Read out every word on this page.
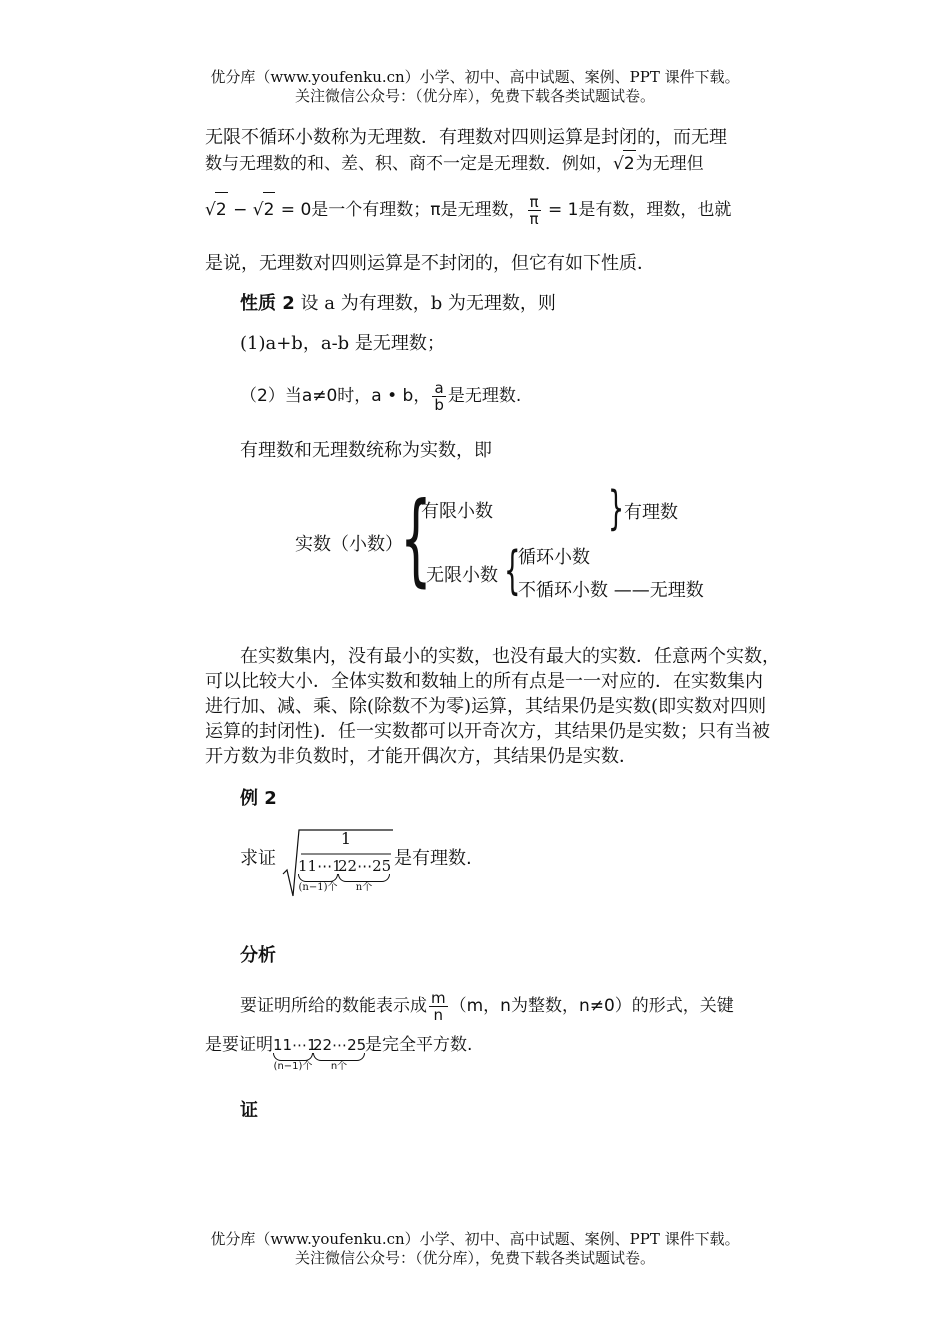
优分库（www.youfenku.cn）小学、初中、高中试题、案例、PPT 课件下载。
关注微信公众号：（优分库），免费下载各类试题试卷。
无限不循环小数称为无理数．有理数对四则运算是封闭的，而无理
数与无理数的和、差、积、商不一定是无理数．例如，√2为无理但
√2 − √2 = 0是一个有理数；π是无理数， $\frac{\pi}{\pi} = 1$是有数，理数，也就
是说，无理数对四则运算是不封闭的，但它有如下性质．
性质 2 设 a 为有理数，b 为无理数，则
(1)a+b，a-b 是无理数；
（2）当a≠0时，a • b， $\frac{a}{b}$ 是无理数.
有理数和无理数统称为实数，即
实数（小数）
{
有限小数	} 有理数
无限小数 {
循环小数
不循环小数 ——无理数
在实数集内，没有最小的实数，也没有最大的实数．任意两个实数，
可以比较大小．全体实数和数轴上的所有点是一一对应的．在实数集内
进行加、减、乘、除(除数不为零)运算，其结果仍是实数(即实数对四则
运算的封闭性)．任一实数都可以开奇次方，其结果仍是实数；只有当被
开方数为非负数时，才能开偶次方，其结果仍是实数．
例 2
求证
1
11⋯1
(n−1)个
22⋯25
n个
是有理数.
分析
要证明所给的数能表示成 $\frac{m}{n} (m$，n为整数，n≠0）的形式，关键
是要证明11⋯1
(n−1)个
22⋯25
n个
是完全平方数.
证
优分库（www.youfenku.cn）小学、初中、高中试题、案例、PPT 课件下载。
关注微信公众号：（优分库），免费下载各类试题试卷。
